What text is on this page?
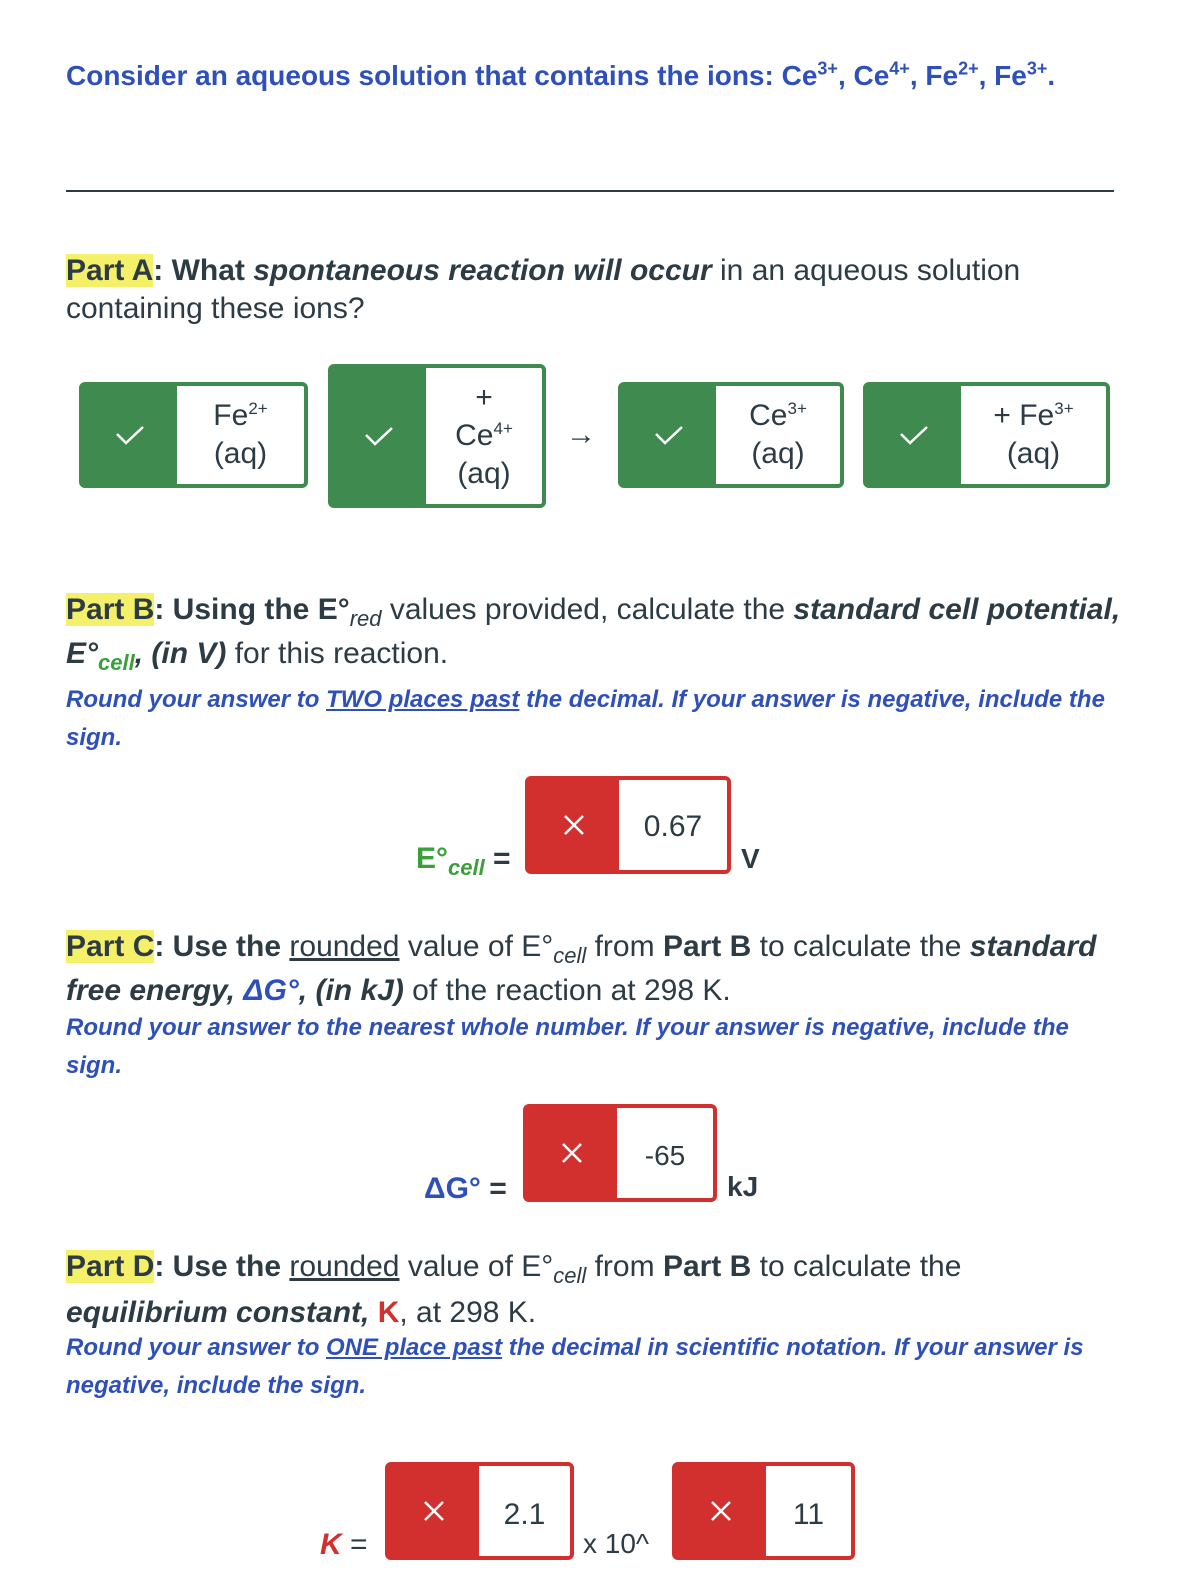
Consider an aqueous solution that contains the ions: $Ce^{3+}$, $Ce^{4+}$, $Fe^{2+}$, $Fe^{3+}$.
Part A: What spontaneous reaction will occur in an aqueous solution containing these ions?
$Fe^{2+}$
(aq)
+
$Ce^{4+}$
(aq)
→
$Ce^{3+}$
(aq)
+ $Fe^{3+}$
(aq)
Part B: Using the $E^\circ_{red}$ values provided, calculate the standard cell potential, $E^\circ_{cell}$, (in V) for this reaction.
Round your answer to TWO places past the decimal. If your answer is negative, include the sign.
$E^\circ_{cell}$ =
0.67
V
Part C: Use the rounded value of $E^\circ_{cell}$ from Part B to calculate the standard free energy, ΔG°, (in kJ) of the reaction at 298 K.
Round your answer to the nearest whole number. If your answer is negative, include the sign.
ΔG° =
-65
kJ
Part D: Use the rounded value of $E^\circ_{cell}$ from Part B to calculate the equilibrium constant, K, at 298 K.
Round your answer to ONE place past the decimal in scientific notation. If your answer is negative, include the sign.
K =
2.1
x 10^
11
